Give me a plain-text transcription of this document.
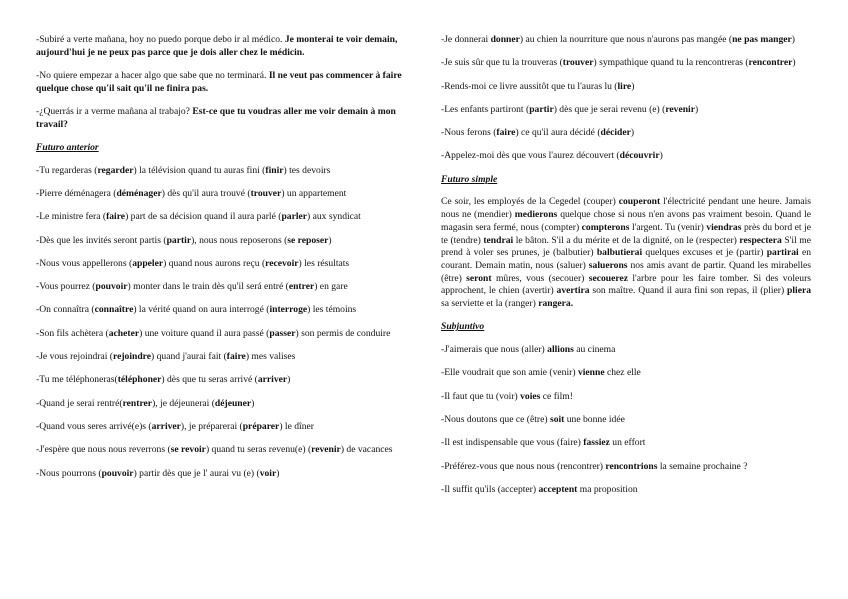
-Subiré a verte mañana, hoy no puedo porque debo ir al médico. Je monterai te voir demain, aujourd'hui je ne peux pas parce que je dois aller chez le médicin.

-No quiere empezar a hacer algo que sabe que no terminará. Il ne veut pas commencer à faire quelque chose qu'il sait qu'il ne finira pas.

-¿Querrás ir a verme mañana al trabajo? Est-ce que tu voudras aller me voir demain à mon travail?

Futuro anterior

-Tu regarderas (regarder) la télévision quand tu auras fini (finir) tes devoirs

-Pierre déménagera (déménager) dès qu'il aura trouvé (trouver) un appartement

-Le ministre fera (faire) part de sa décision quand il aura parlé (parler) aux syndicat

-Dès que les invités seront partis (partir), nous nous reposerons (se reposer)

-Nous vous appellerons (appeler) quand nous aurons reçu (recevoir) les résultats

-Vous pourrez (pouvoir) monter dans le train dès qu'il será entré (entrer) en gare

-On connaîtra (connaître) la vérité quand on aura interrogé (interroge) les témoins

-Son fils achètera (acheter) une voiture quand il aura passé (passer) son permis de conduire

-Je vous rejoindrai (rejoindre) quand j'aurai fait (faire) mes valises

-Tu me téléphoneras(téléphoner) dès que tu seras arrivé (arriver)

-Quand je serai rentré(rentrer), je déjeunerai (déjeuner)

-Quand vous seres arrivé(e)s (arriver), je préparerai (préparer) le dîner

-J'espère que nous nous reverrons (se revoir) quand tu seras revenu(e) (revenir) de vacances

-Nous pourrons (pouvoir) partir dès que je l' aurai vu (e) (voir)

-Je donnerai donner) au chien la nourriture que nous n'aurons pas mangée (ne pas manger)

-Je suis sûr que tu la trouveras (trouver) sympathique quand tu la rencontreras (rencontrer)

-Rends-moi ce livre aussitôt que tu l'auras lu (lire)

-Les enfants partiront (partir) dès que je serai revenu (e) (revenir)

-Nous ferons (faire) ce qu'il aura décidé (décider)

-Appelez-moi dès que vous l'aurez découvert (découvrir)

Futuro simple

Ce soir, les employés de la Cegedel (couper) couperont l'électricité pendant une heure. Jamais nous ne (mendier) medierons quelque chose si nous n'en avons pas vraiment besoin. Quand le magasin sera fermé, nous (compter) compterons l'argent. Tu (venir) viendras près du bord et je te (tendre) tendrai le bâton. S'il a du mérite et de la dignité, on le (respecter) respectera S'il me prend à voler ses prunes, je (balbutier) balbutierai quelques excuses et je (partir) partirai en courant. Demain matin, nous (saluer) saluerons nos amis avant de partir. Quand les mirabelles (être) seront mûres, vous (secouer) secouerez l'arbre pour les faire tomber. Si des voleurs approchent, le chien (avertir) avertira son maître. Quand il aura fini son repas, il (plier) pliera sa serviette et la (ranger) rangera.

Subjuntivo

-J'aimerais que nous (aller) allions au cinema

-Elle voudrait que son amie (venir) vienne chez elle

-Il faut que tu (voir) voies ce film!

-Nous doutons que ce (être) soit une bonne idée

-Il est indispensable que vous (faire) fassiez un effort

-Préférez-vous que nous nous (rencontrer) rencontrions la semaine prochaine ?

-Il suffit qu'ils (accepter) acceptent ma proposition
